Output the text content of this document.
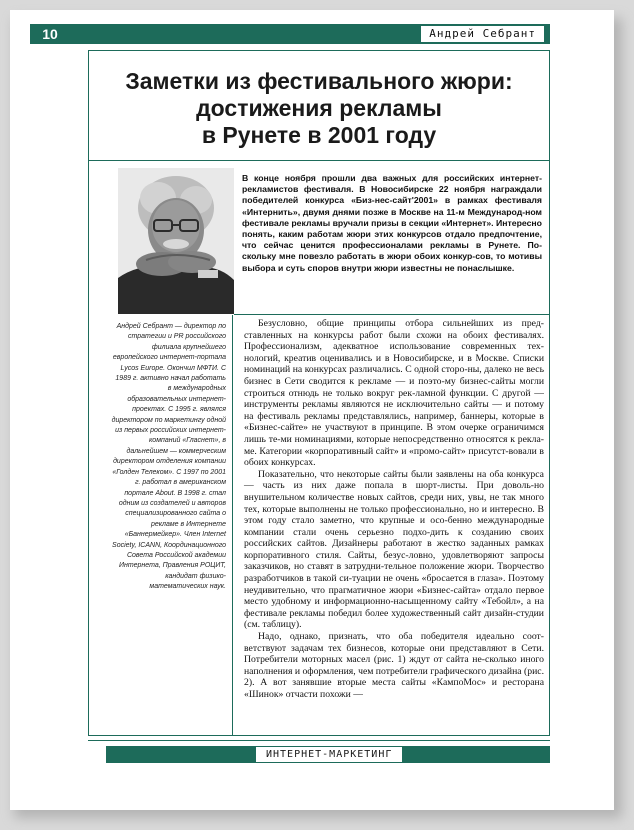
10	Андрей Себрант
Заметки из фестивального жюри:
достижения рекламы
в Рунете в 2001 году

В конце ноября прошли два важных для российских интернет-рекламистов фестиваля. В Новосибирске 22 ноября награждали победителей конкурса «Биз-нес-сайт'2001» в рамках фестиваля «Интернить», двумя днями позже в Москве на 11-м Международ-ном фестивале рекламы вручали призы в секции «Интернет». Интересно понять, каким работам жюри этих конкурсов отдало предпочтение, что сейчас ценится профессионалами рекламы в Рунете. По-скольку мне повезло работать в жюри обоих конкур-сов, то мотивы выбора и суть споров внутри жюри известны не понаслышке.

Андрей Себрант — директор по стратегии и PR российского филиала крупнейшего европейского интернет-портала Lycos Europe. Окончил МФТИ. С 1989 г. активно начал работать в международных образовательных интернет-проектах. С 1995 г. являлся директором по маркетингу одной из первых российских интернет-компаний «Гласнет», в дальнейшем — коммерческим директором отделения компании «Голден Телеком». С 1997 по 2001 г. работал в американском портале About. В 1998 г. стал одним из создателей и авторов специализированного сайта о рекламе в Интернете «Баннермейкер». Член Internet Society, ICANN, Координационного Совета Российской академии Интернета, Правления РОЦИТ, кандидат физико-математических наук.

Безусловно, общие принципы отбора сильнейших из пред-ставленных на конкурсы работ были схожи на обоих фестивалях. Профессионализм, адекватное использование современных тех-нологий, креатив оценивались и в Новосибирске, и в Москве. Списки номинаций на конкурсах различались. С одной сторо-ны, далеко не весь бизнес в Сети сводится к рекламе — и поэто-му бизнес-сайты могли строиться отнюдь не только вокруг рек-ламной функции. С другой — инструменты рекламы являются не исключительно сайты — и потому на фестиваль рекламы представлялись, например, баннеры, которые в «Бизнес-сайте» не участвуют в принципе. В этом очерке ограничимся лишь те-ми номинациями, которые непосредственно относятся к рекла-ме. Категории «корпоративный сайт» и «промо-сайт» присутст-вовали в обоих конкурсах.

Показательно, что некоторые сайты были заявлены на оба конкурса — часть из них даже попала в шорт-листы. При доволь-но внушительном количестве новых сайтов, среди них, увы, не так много тех, которые выполнены не только профессионально, но и интересно. В этом году стало заметно, что крупные и осо-бенно международные компании стали очень серьезно подхо-дить к созданию своих российских сайтов. Дизайнеры работают в жестко заданных рамках корпоративного стиля. Сайты, безус-ловно, удовлетворяют запросы заказчиков, но ставят в затрудни-тельное положение жюри. Творчество разработчиков в такой си-туации не очень «бросается в глаза». Поэтому неудивительно, что прагматичное жюри «Бизнес-сайта» отдало первое место удобному и информационно-насыщенному сайту «Тебойл», а на фестивале рекламы победил более художественный сайт дизайн-студии (см. таблицу).

Надо, однако, признать, что оба победителя идеально соот-ветствуют задачам тех бизнесов, которые они представляют в Сети. Потребители моторных масел (рис. 1) ждут от сайта не-сколько иного наполнения и оформления, чем потребители графического дизайна (рис. 2). А вот занявшие вторые места сайты «КампоМос» и ресторана «Шинок» отчасти похожи —

ИНТЕРНЕТ-МАРКЕТИНГ
